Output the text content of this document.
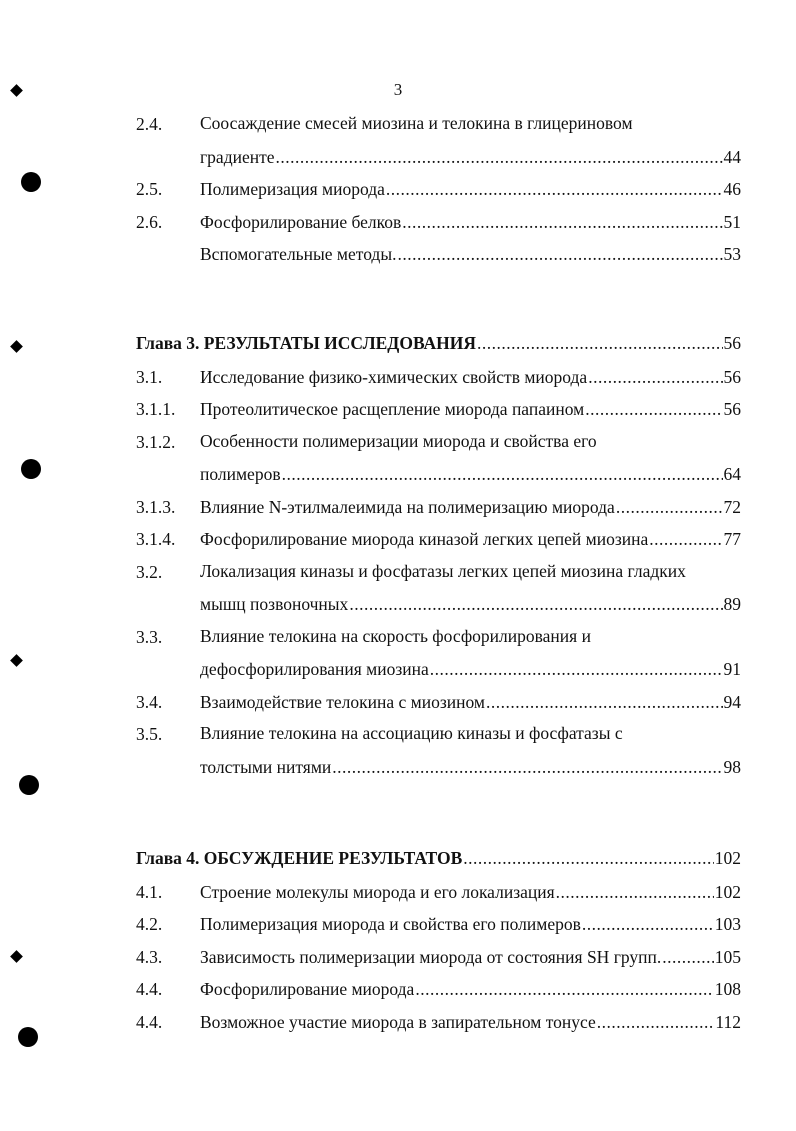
3
2.4. Соосаждение смесей миозина и телокина в глицериновом
градиенте .....	44
2.5. Полимеризация миорода .....	46
2.6. Фосфорилирование белков .....	51
Вспомогательные методы. .....	53
Глава 3. РЕЗУЛЬТАТЫ ИССЛЕДОВАНИЯ .....	56
3.1. Исследование физико-химических свойств миорода .....	56
3.1.1. Протеолитическое расщепление миорода папаином .....	56
3.1.2. Особенности полимеризации миорода и свойства его
полимеров .....	64
3.1.3. Влияние N-этилмалеимида на полимеризацию миорода .....	72
3.1.4. Фосфорилирование миорода киназой легких цепей миозина .....	77
3.2. Локализация киназы и фосфатазы легких цепей миозина гладких
мышц позвоночных .....	89
3.3. Влияние телокина на скорость фосфорилирования и
дефосфорилирования миозина .....	91
3.4. Взаимодействие телокина с миозином .....	94
3.5. Влияние телокина на ассоциацию киназы и фосфатазы с
толстыми нитями .....	98
Глава 4. ОБСУЖДЕНИЕ РЕЗУЛЬТАТОВ .....	102
4.1. Строение молекулы миорода и его локализация .....	102
4.2. Полимеризация миорода и свойства его полимеров .....	103
4.3. Зависимость полимеризации миорода от состояния SH групп. .....	105
4.4. Фосфорилирование миорода .....	108
4.4. Возможное участие миорода в запирательном тонусе .....	112
